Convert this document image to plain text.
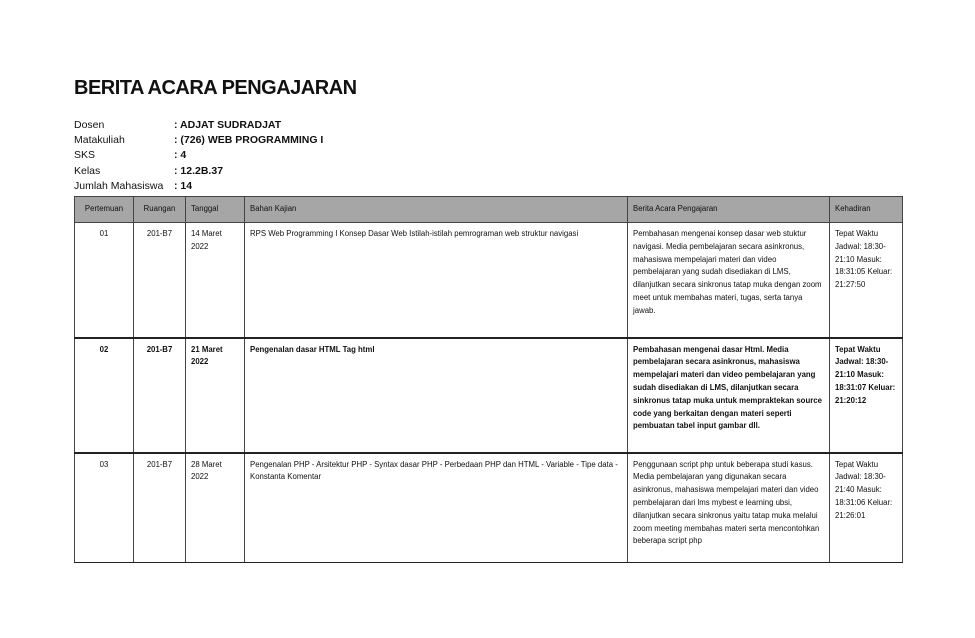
BERITA ACARA PENGAJARAN
Dosen	: ADJAT SUDRADJAT
Matakuliah	: (726) WEB PROGRAMMING I
SKS	: 4
Kelas	: 12.2B.37
Jumlah Mahasiswa	: 14
Pertemuan	Ruangan	Tanggal	Bahan Kajian	Berita Acara Pengajaran	Kehadiran
01	201-B7	14 Maret 2022	RPS Web Programming I Konsep Dasar Web Istilah-istilah pemrograman web struktur navigasi	Pembahasan mengenai konsep dasar web stuktur navigasi. Media pembelajaran secara asinkronus, mahasiswa mempelajari materi dan video pembelajaran yang sudah disediakan di LMS, dilanjutkan secara sinkronus tatap muka dengan zoom meet untuk membahas materi, tugas, serta tanya jawab.	Tepat Waktu Jadwal: 18:30-21:10 Masuk: 18:31:05 Keluar: 21:27:50
02	201-B7	21 Maret 2022	Pengenalan dasar HTML Tag html	Pembahasan mengenai dasar Html. Media pembelajaran secara asinkronus, mahasiswa mempelajari materi dan video pembelajaran yang sudah disediakan di LMS, dilanjutkan secara sinkronus tatap muka untuk mempraktekan source code yang berkaitan dengan materi seperti pembuatan tabel input gambar dll.	Tepat Waktu Jadwal: 18:30-21:10 Masuk: 18:31:07 Keluar: 21:20:12
03	201-B7	28 Maret 2022	Pengenalan PHP - Arsitektur PHP - Syntax dasar PHP - Perbedaan PHP dan HTML - Variable - Tipe data - Konstanta Komentar	Penggunaan script php untuk beberapa studi kasus. Media pembelajaran yang digunakan secara asinkronus, mahasiswa mempelajari materi dan video pembelajaran dari lms mybest e learning ubsi, dilanjutkan secara sinkronus yaitu tatap muka melalui zoom meeting membahas materi serta mencontohkan beberapa script php	Tepat Waktu Jadwal: 18:30-21:40 Masuk: 18:31:06 Keluar: 21:26:01
